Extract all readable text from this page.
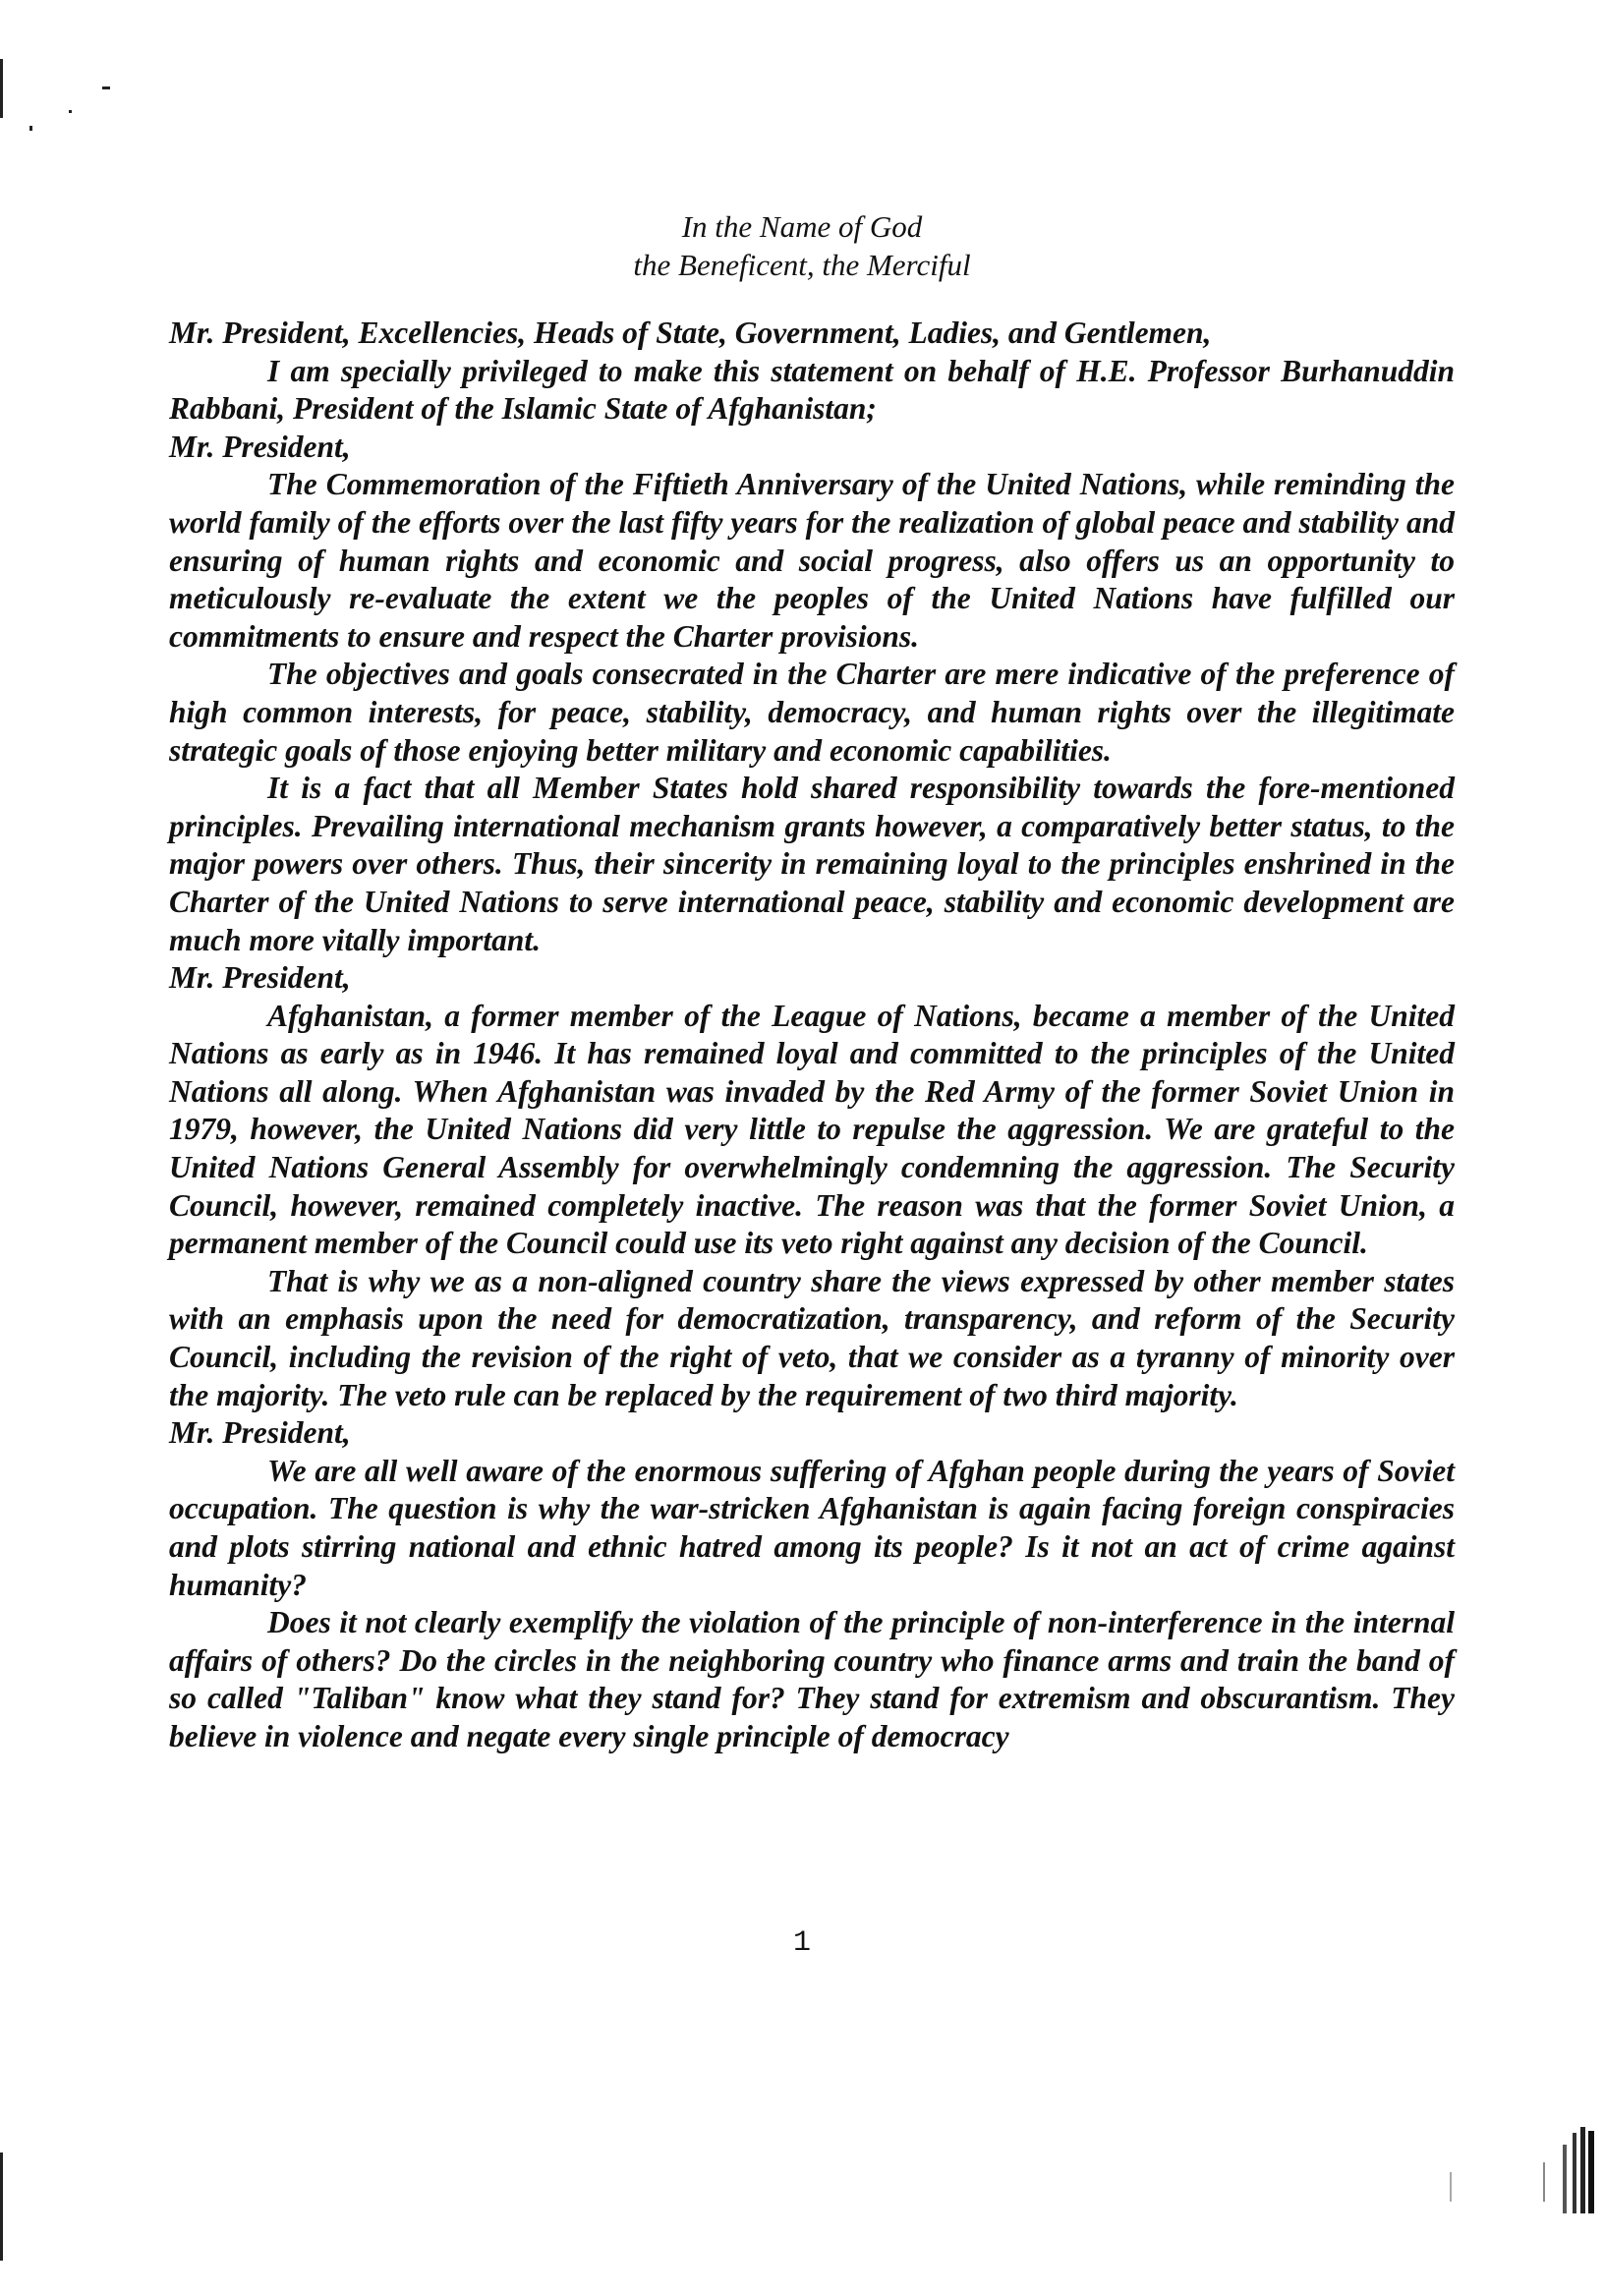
In the Name of God
the Beneficent, the Merciful

Mr. President, Excellencies, Heads of State, Government, Ladies, and Gentlemen,

I am specially privileged to make this statement on behalf of H.E. Professor Burhanuddin Rabbani, President of the Islamic State of Afghanistan;

Mr. President,

The Commemoration of the Fiftieth Anniversary of the United Nations, while reminding the world family of the efforts over the last fifty years for the realization of global peace and stability and ensuring of human rights and economic and social progress, also offers us an opportunity to meticulously re-evaluate the extent we the peoples of the United Nations have fulfilled our commitments to ensure and respect the Charter provisions.

The objectives and goals consecrated in the Charter are mere indicative of the preference of high common interests, for peace, stability, democracy, and human rights over the illegitimate strategic goals of those enjoying better military and economic capabilities.

It is a fact that all Member States hold shared responsibility towards the fore-mentioned principles. Prevailing international mechanism grants however, a comparatively better status, to the major powers over others. Thus, their sincerity in remaining loyal to the principles enshrined in the Charter of the United Nations to serve international peace, stability and economic development are much more vitally important.

Mr. President,

Afghanistan, a former member of the League of Nations, became a member of the United Nations as early as in 1946. It has remained loyal and committed to the principles of the United Nations all along. When Afghanistan was invaded by the Red Army of the former Soviet Union in 1979, however, the United Nations did very little to repulse the aggression. We are grateful to the United Nations General Assembly for overwhelmingly condemning the aggression. The Security Council, however, remained completely inactive. The reason was that the former Soviet Union, a permanent member of the Council could use its veto right against any decision of the Council.

That is why we as a non-aligned country share the views expressed by other member states with an emphasis upon the need for democratization, transparency, and reform of the Security Council, including the revision of the right of veto, that we consider as a tyranny of minority over the majority. The veto rule can be replaced by the requirement of two third majority.

Mr. President,

We are all well aware of the enormous suffering of Afghan people during the years of Soviet occupation. The question is why the war-stricken Afghanistan is again facing foreign conspiracies and plots stirring national and ethnic hatred among its people? Is it not an act of crime against humanity?

Does it not clearly exemplify the violation of the principle of non-interference in the internal affairs of others? Do the circles in the neighboring country who finance arms and train the band of so called "Taliban" know what they stand for? They stand for extremism and obscurantism. They believe in violence and negate every single principle of democracy

1
